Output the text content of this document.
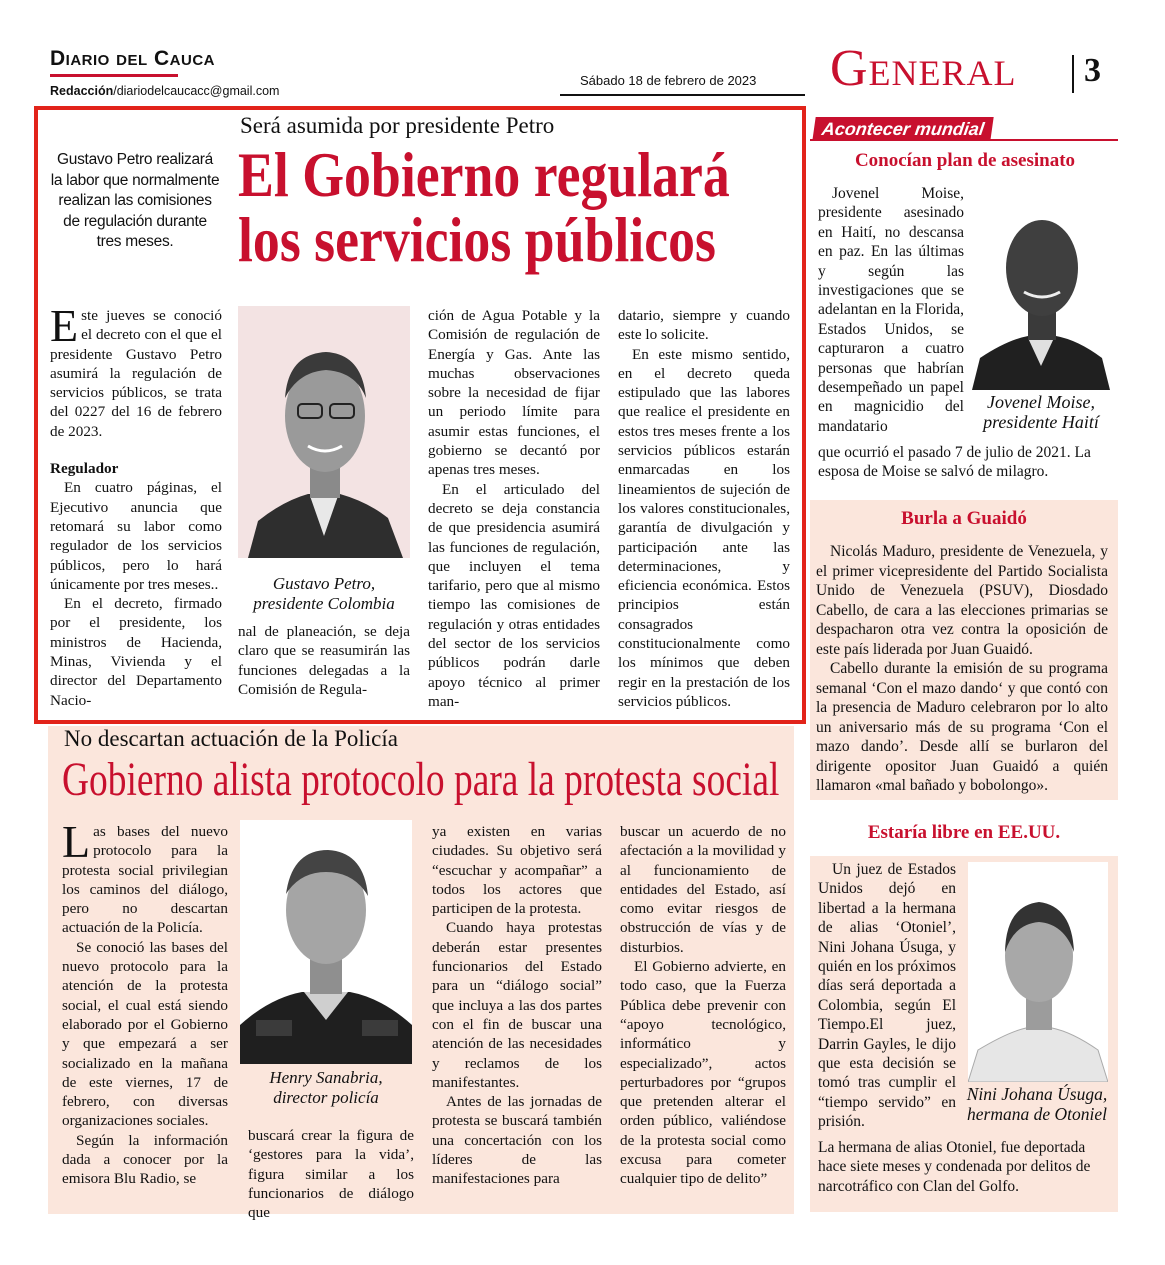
Diario del Cauca
Redacción/diariodelcaucacc@gmail.com
Sábado 18 de febrero de 2023 General 3
Será asumida por presidente Petro
El Gobierno regulará
los servicios públicos
Gustavo Petro realizará la labor que normalmente realizan las comisiones de regulación durante tres meses.

Este jueves se conoció el decreto con el que el presidente Gustavo Petro asumirá la regulación de servicios públicos, se trata del 0227 del 16 de febrero de 2023.

Regulador

En cuatro páginas, el Ejecutivo anuncia que retomará su labor como regulador de los servicios públicos, pero lo hará únicamente por tres meses..

En el decreto, firmado por el presidente, los ministros de Hacienda, Minas, Vivienda y el director del Departamento Nacio-

Gustavo Petro,
presidente Colombia

nal de planeación, se deja claro que se reasumirán las funciones delegadas a la Comisión de Regula-

ción de Agua Potable y la Comisión de regulación de Energía y Gas. Ante las muchas observaciones sobre la necesidad de fijar un periodo límite para asumir estas funciones, el gobierno se decantó por apenas tres meses.

En el articulado del decreto se deja constancia de que presidencia asumirá las funciones de regulación, que incluyen el tema tarifario, pero que al mismo tiempo las comisiones de regulación y otras entidades del sector de los servicios públicos podrán darle apoyo técnico al primer man-

datario, siempre y cuando este lo solicite.

En este mismo sentido, en el decreto queda estipulado que las labores que realice el presidente en estos tres meses frente a los servicios públicos estarán enmarcadas en los lineamientos de sujeción de los valores constitucionales, garantía de divulgación y participación ante las determinaciones, y eficiencia económica. Estos principios están consagrados constitucionalmente como los mínimos que deben regir en la prestación de los servicios públicos.

No descartan actuación de la Policía
Gobierno alista protocolo para la protesta social

Las bases del nuevo protocolo para la protesta social privilegian los caminos del diálogo, pero no descartan actuación de la Policía.

Se conoció las bases del nuevo protocolo para la atención de la protesta social, el cual está siendo elaborado por el Gobierno y que empezará a ser socializado en la mañana de este viernes, 17 de febrero, con diversas organizaciones sociales.

Según la información dada a conocer por la emisora Blu Radio, se

Henry Sanabria,
director policía

buscará crear la figura de ‘gestores para la vida’, figura similar a los funcionarios de diálogo que

ya existen en varias ciudades. Su objetivo será “escuchar y acompañar” a todos los actores que participen de la protesta.

Cuando haya protestas deberán estar presentes funcionarios del Estado para un “diálogo social” que incluya a las dos partes con el fin de buscar una atención de las necesidades y reclamos de los manifestantes.

Antes de las jornadas de protesta se buscará también una concertación con los líderes de las manifestaciones para

buscar un acuerdo de no afectación a la movilidad y al funcionamiento de entidades del Estado, así como evitar riesgos de obstrucción de vías y de disturbios.

El Gobierno advierte, en todo caso, que la Fuerza Pública debe prevenir con “apoyo tecnológico, informático y especializado”, actos perturbadores por “grupos que pretenden alterar el orden público, valiéndose de la protesta social como excusa para cometer cualquier tipo de delito”

Acontecer mundial
Conocían plan de asesinato
Jovenel Moise,
presidente Haití

Jovenel Moise, presidente asesinado en Haití, no descansa en paz. En las últimas y según las investigaciones que se adelantan en la Florida, Estados Unidos, se capturaron a cuatro personas que habrían desempeñado un papel en magnicidio del mandatario

que ocurrió el pasado 7 de julio de 2021. La esposa de Moise se salvó de milagro.

Burla a Guaidó

Nicolás Maduro, presidente de Venezuela, y el primer vicepresidente del Partido Socialista Unido de Venezuela (PSUV), Diosdado Cabello, de cara a las elecciones primarias se despacharon otra vez contra la oposición de este país liderada por Juan Guaidó.

Cabello durante la emisión de su programa semanal ‘Con el mazo dando‘ y que contó con la presencia de Maduro celebraron por lo alto un aniversario más de su programa ‘Con el mazo dando’. Desde allí se burlaron del dirigente opositor Juan Guaidó a quién llamaron «mal bañado y bobolongo».

Estaría libre en EE.UU.
Nini Johana Úsuga,
hermana de Otoniel

Un juez de Estados Unidos dejó en libertad a la hermana de alias ‘Otoniel’, Nini Johana Úsuga, y quién en los próximos días será deportada a Colombia, según El Tiempo.El juez, Darrin Gayles, le dijo que esta decisión se tomó tras cumplir el “tiempo servido” en prisión.

La hermana de alias Otoniel, fue deportada hace siete meses y condenada por delitos de narcotráfico con Clan del Golfo.
